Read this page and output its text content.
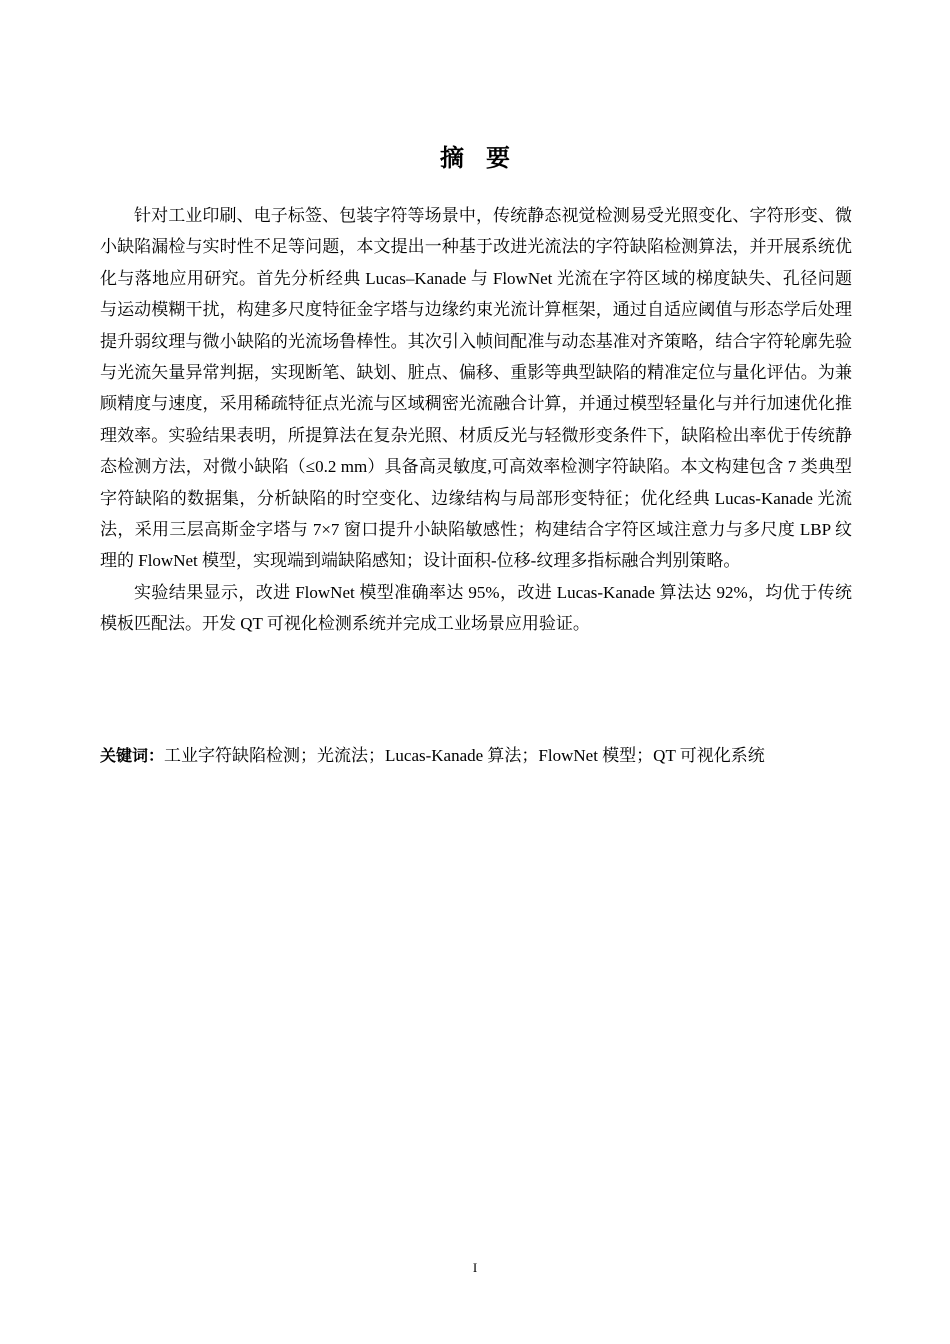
摘 要

针对工业印刷、电子标签、包装字符等场景中，传统静态视觉检测易受光照变化、字符形变、微小缺陷漏检与实时性不足等问题，本文提出一种基于改进光流法的字符缺陷检测算法，并开展系统优化与落地应用研究。首先分析经典 Lucas–Kanade 与 FlowNet 光流在字符区域的梯度缺失、孔径问题与运动模糊干扰，构建多尺度特征金字塔与边缘约束光流计算框架，通过自适应阈值与形态学后处理提升弱纹理与微小缺陷的光流场鲁棒性。其次引入帧间配准与动态基准对齐策略，结合字符轮廓先验与光流矢量异常判据，实现断笔、缺划、脏点、偏移、重影等典型缺陷的精准定位与量化评估。为兼顾精度与速度，采用稀疏特征点光流与区域稠密光流融合计算，并通过模型轻量化与并行加速优化推理效率。实验结果表明，所提算法在复杂光照、材质反光与轻微形变条件下，缺陷检出率优于传统静态检测方法，对微小缺陷（≤0.2 mm）具备高灵敏度,可高效率检测字符缺陷。本文构建包含 7 类典型字符缺陷的数据集，分析缺陷的时空变化、边缘结构与局部形变特征；优化经典 Lucas-Kanade 光流法，采用三层高斯金字塔与 7×7 窗口提升小缺陷敏感性；构建结合字符区域注意力与多尺度 LBP 纹理的 FlowNet 模型，实现端到端缺陷感知；设计面积-位移-纹理多指标融合判别策略。

实验结果显示，改进 FlowNet 模型准确率达 95%，改进 Lucas-Kanade 算法达 92%，均优于传统模板匹配法。开发 QT 可视化检测系统并完成工业场景应用验证。

关键词：工业字符缺陷检测；光流法；Lucas-Kanade 算法；FlowNet 模型；QT 可视化系统
I
